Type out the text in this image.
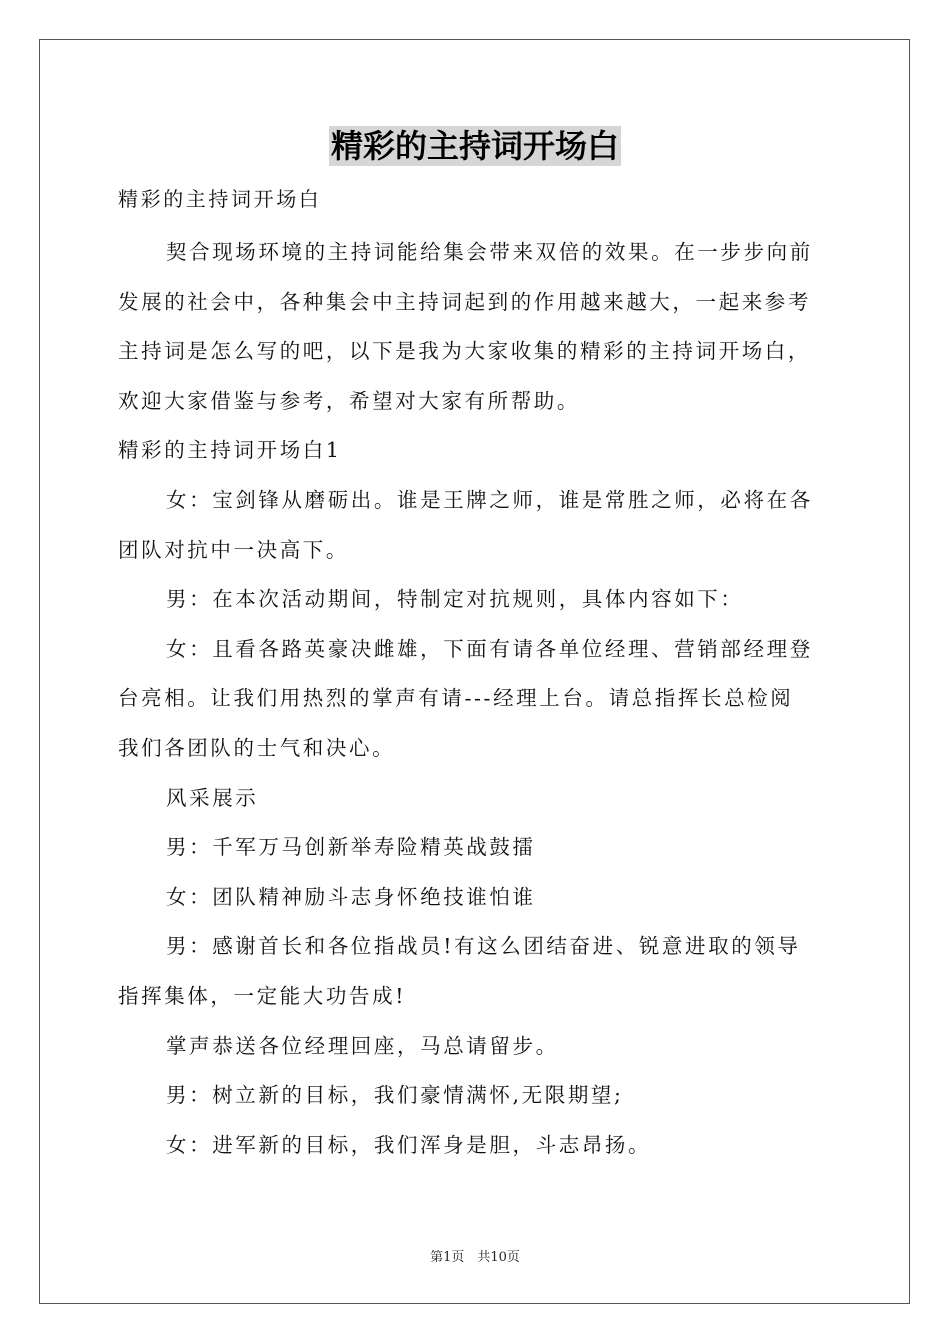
精彩的主持词开场白
精彩的主持词开场白
契合现场环境的主持词能给集会带来双倍的效果。在一步步向前
发展的社会中，各种集会中主持词起到的作用越来越大，一起来参考
主持词是怎么写的吧，以下是我为大家收集的精彩的主持词开场白，
欢迎大家借鉴与参考，希望对大家有所帮助。
精彩的主持词开场白1
女：宝剑锋从磨砺出。谁是王牌之师，谁是常胜之师，必将在各
团队对抗中一决高下。
男：在本次活动期间，特制定对抗规则，具体内容如下：
女：且看各路英豪决雌雄，下面有请各单位经理、营销部经理登
台亮相。让我们用热烈的掌声有请---经理上台。请总指挥长总检阅
我们各团队的士气和决心。
风采展示
男：千军万马创新举寿险精英战鼓擂
女：团队精神励斗志身怀绝技谁怕谁
男：感谢首长和各位指战员!有这么团结奋进、锐意进取的领导
指挥集体，一定能大功告成!
掌声恭送各位经理回座，马总请留步。
男：树立新的目标，我们豪情满怀,无限期望;
女：进军新的目标，我们浑身是胆，斗志昂扬。
第1页　共10页
